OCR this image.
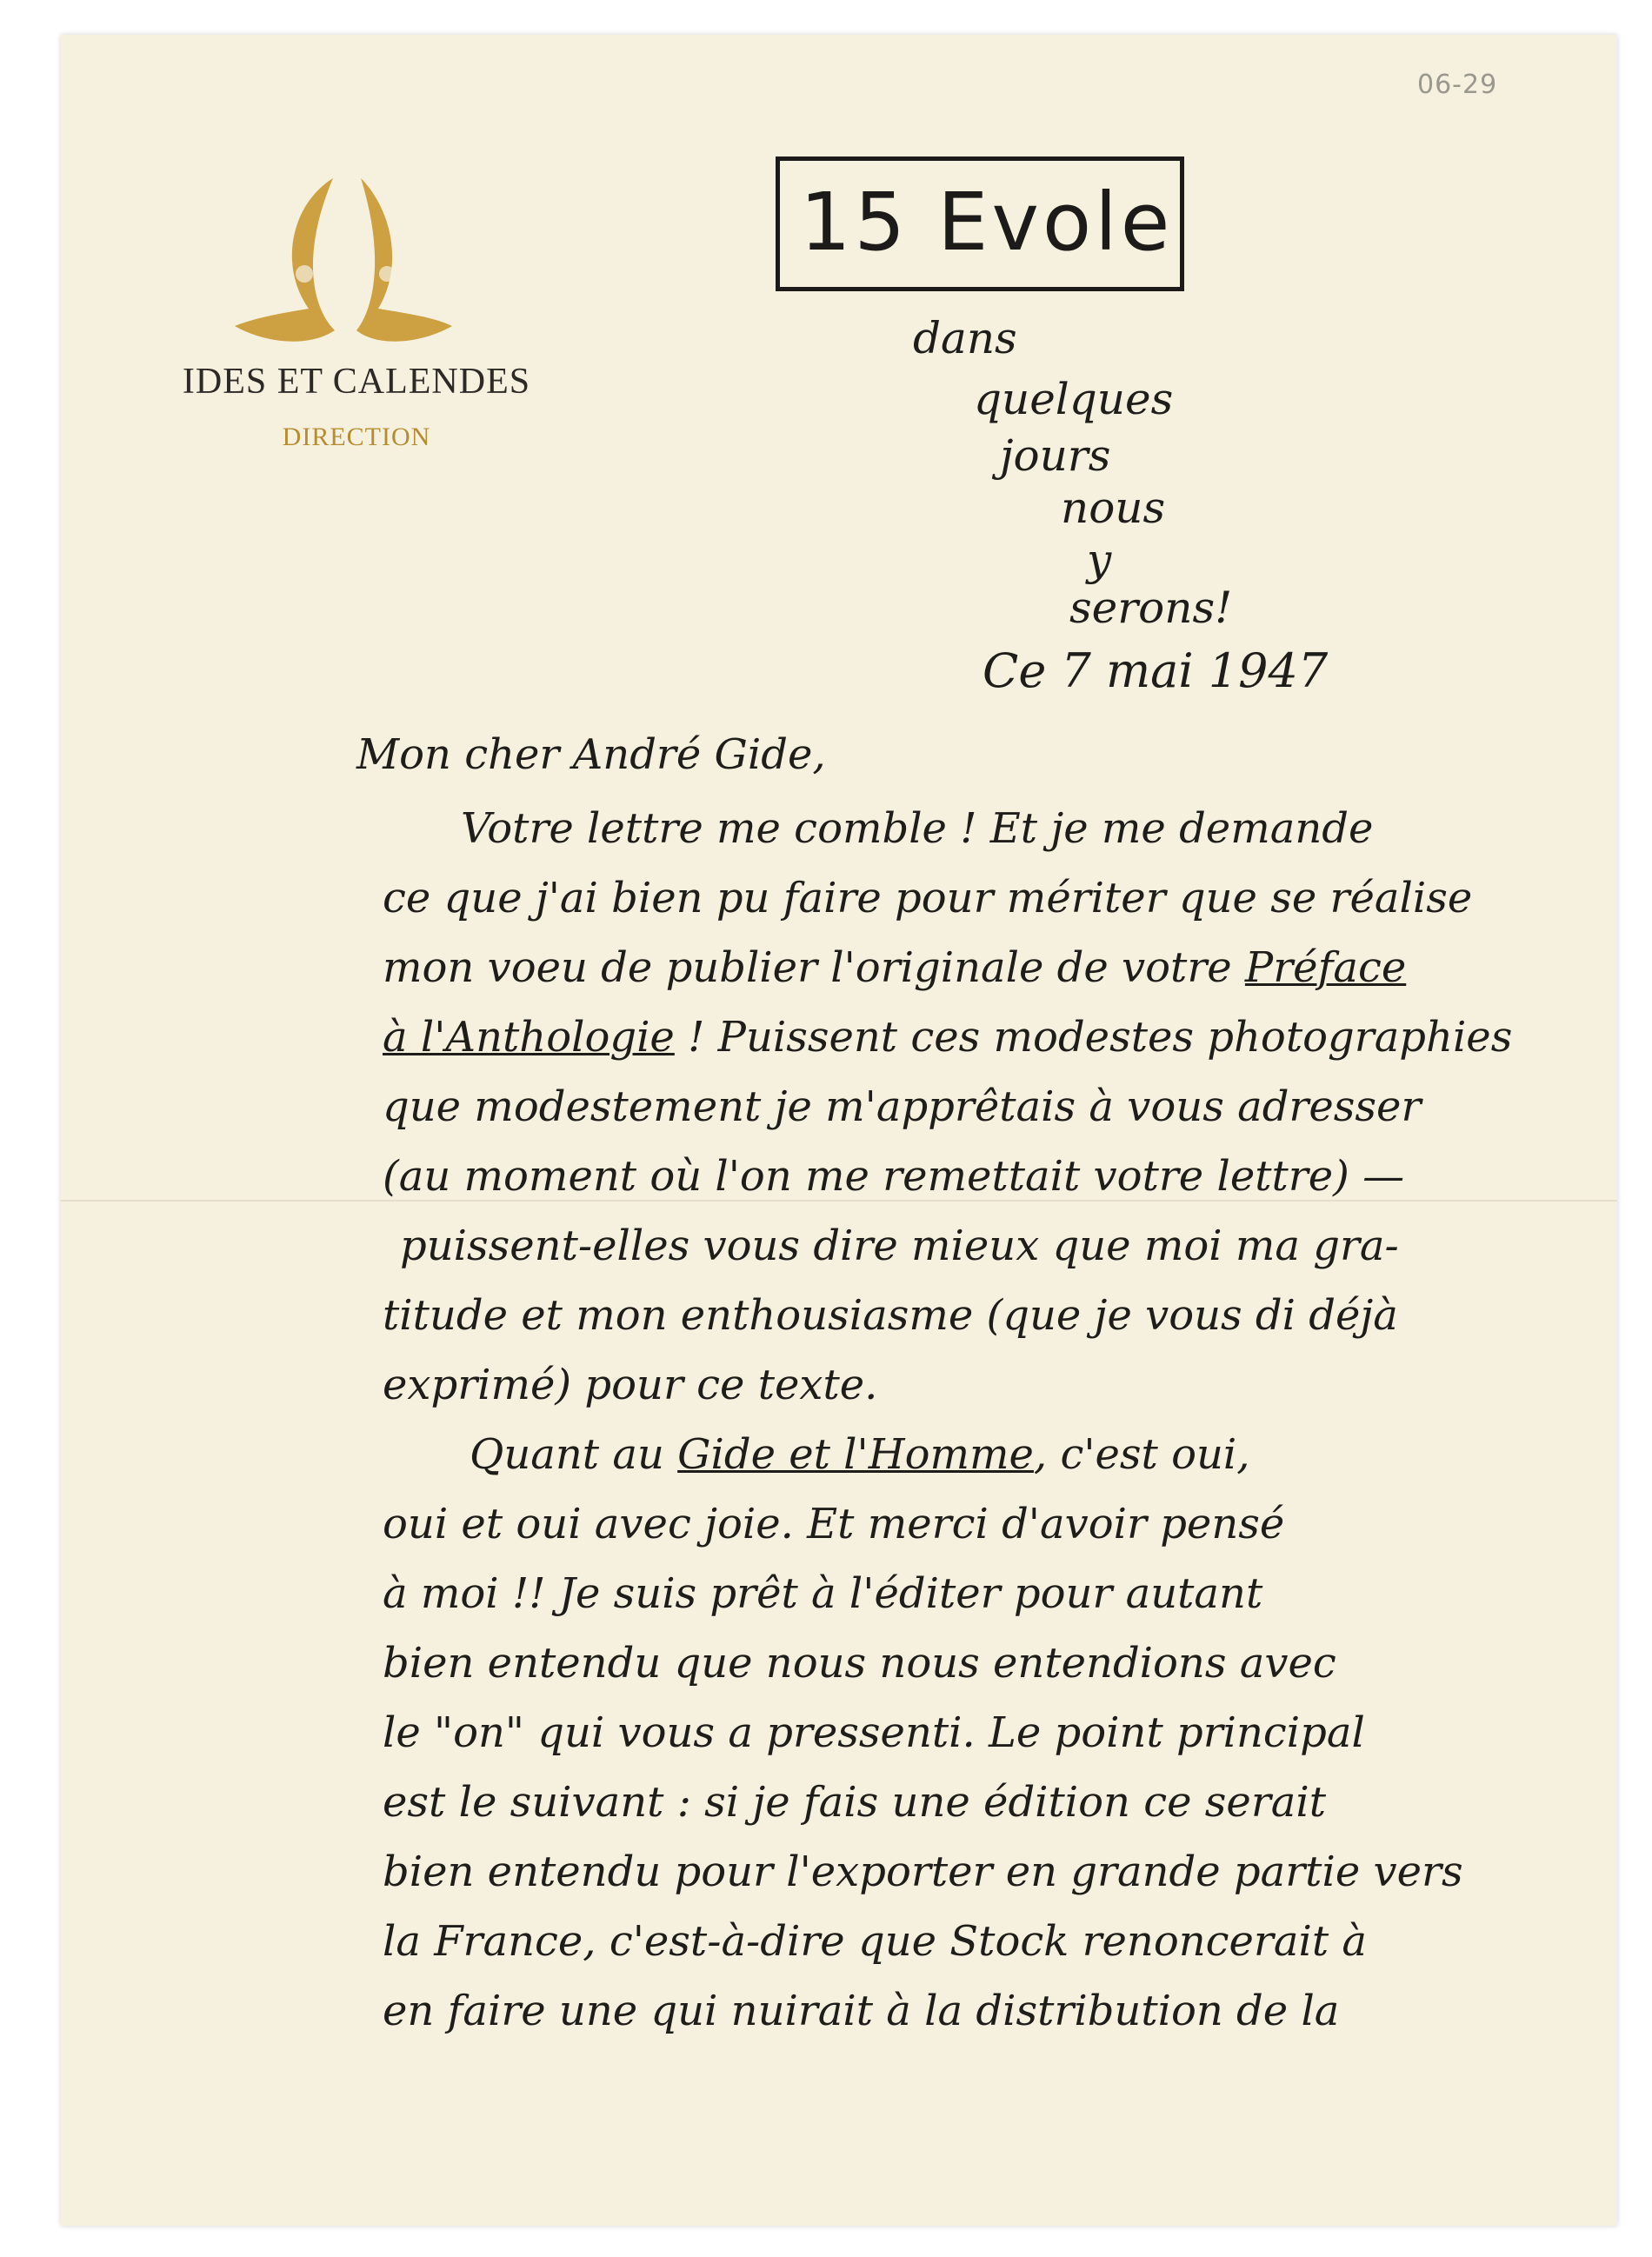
06-29
IDES ET CALENDES
DIRECTION
15 Evole
dans
quelques
jours
nous
y
serons!
Ce 7 mai 1947
Mon cher André Gide,
Votre lettre me comble ! Et je me demande
ce que j'ai bien pu faire pour mériter que se réalise
mon voeu de publier l'originale de votre Préface
à l'Anthologie ! Puissent ces modestes photographies
que modestement je m'apprêtais à vous adresser
(au moment où l'on me remettait votre lettre) —
puissent-elles vous dire mieux que moi ma gra-
titude et mon enthousiasme (que je vous di déjà
exprimé) pour ce texte.
Quant au Gide et l'Homme, c'est oui,
oui et oui avec joie. Et merci d'avoir pensé
à moi !! Je suis prêt à l'éditer pour autant
bien entendu que nous nous entendions avec
le "on" qui vous a pressenti. Le point principal
est le suivant : si je fais une édition ce serait
bien entendu pour l'exporter en grande partie vers
la France, c'est-à-dire que Stock renoncerait à
en faire une qui nuirait à la distribution de la
